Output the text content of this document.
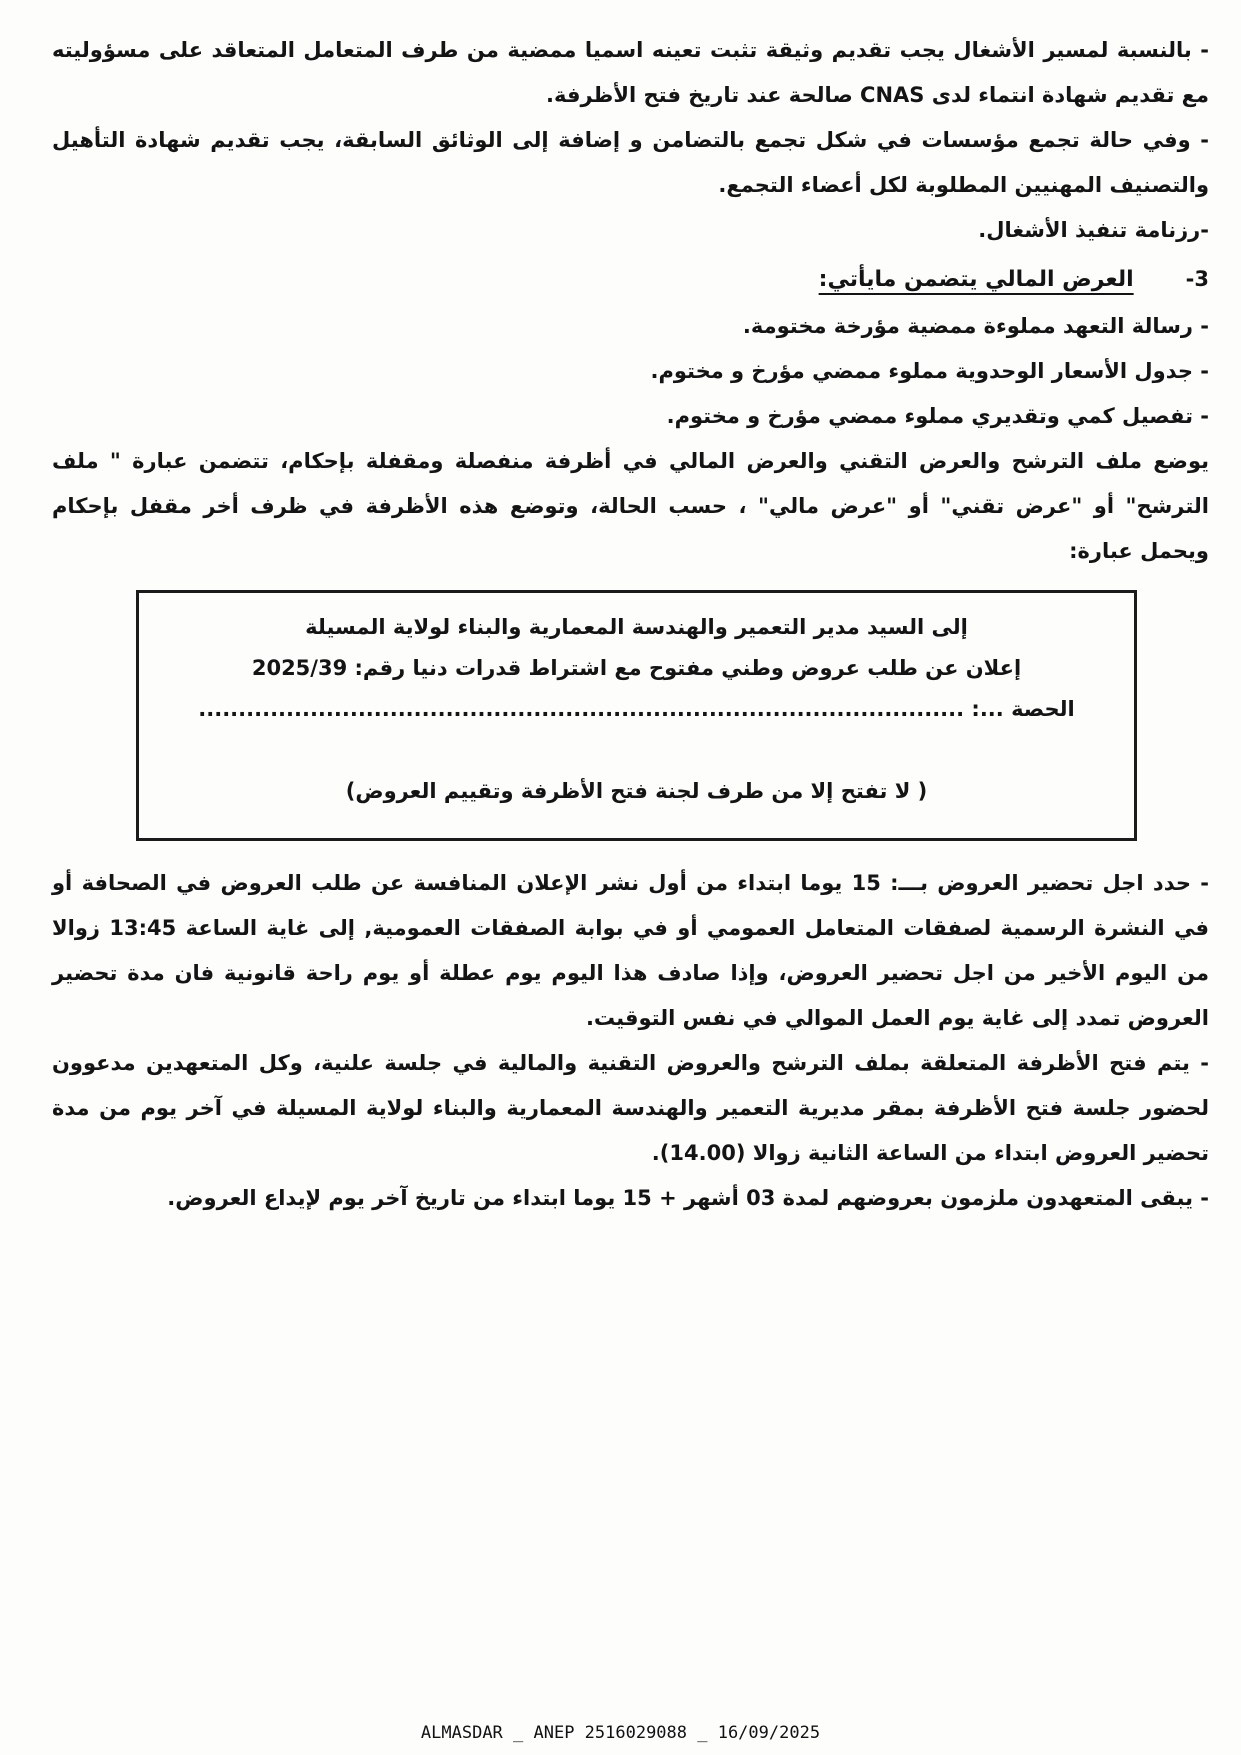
- بالنسبة لمسير الأشغال يجب تقديم وثيقة تثبت تعينه اسميا ممضية من طرف المتعامل المتعاقد على مسؤوليته مع تقديم شهادة انتماء لدى CNAS صالحة عند تاريخ فتح الأظرفة.

- وفي حالة تجمع مؤسسات في شكل تجمع بالتضامن و إضافة إلى الوثائق السابقة، يجب تقديم شهادة التأهيل والتصنيف المهنيين المطلوبة لكل أعضاء التجمع.

-رزنامة تنفيذ الأشغال.

3-
العرض المالي يتضمن مايأتي:

- رسالة التعهد مملوءة ممضية مؤرخة مختومة.

- جدول الأسعار الوحدوية مملوء ممضي مؤرخ و مختوم.

- تفصيل كمي وتقديري مملوء ممضي مؤرخ و مختوم.

يوضع ملف الترشح والعرض التقني والعرض المالي في أظرفة منفصلة ومقفلة بإحكام، تتضمن عبارة " ملف الترشح" أو "عرض تقني" أو "عرض مالي" ، حسب الحالة، وتوضع هذه الأظرفة في ظرف أخر مقفل بإحكام ويحمل عبارة:

إلى السيد مدير التعمير والهندسة المعمارية والبناء لولاية المسيلة

إعلان عن طلب عروض وطني مفتوح مع اشتراط قدرات دنيا رقم: 2025/39

الحصة ...: ................................................................................................

( لا تفتح إلا من طرف لجنة فتح الأظرفة وتقييم العروض)

- حدد اجل تحضير العروض بـــ: 15 يوما ابتداء من أول نشر الإعلان المنافسة عن طلب العروض في الصحافة أو في النشرة الرسمية لصفقات المتعامل العمومي أو في بوابة الصفقات العمومية, إلى غاية الساعة 13:45 زوالا من اليوم الأخير من اجل تحضير العروض، وإذا صادف هذا اليوم يوم عطلة أو يوم راحة قانونية فان مدة تحضير العروض تمدد إلى غاية يوم العمل الموالي في نفس التوقيت.

- يتم فتح الأظرفة المتعلقة بملف الترشح والعروض التقنية والمالية في جلسة علنية، وكل المتعهدين مدعوون لحضور جلسة فتح الأظرفة بمقر مديرية التعمير والهندسة المعمارية والبناء لولاية المسيلة في آخر يوم من مدة تحضير العروض ابتداء من الساعة الثانية زوالا (14.00).

- يبقى المتعهدون ملزمون بعروضهم لمدة 03 أشهر + 15 يوما ابتداء من تاريخ آخر يوم لإيداع العروض.

ALMASDAR _ ANEP 2516029088 _ 16/09/2025
